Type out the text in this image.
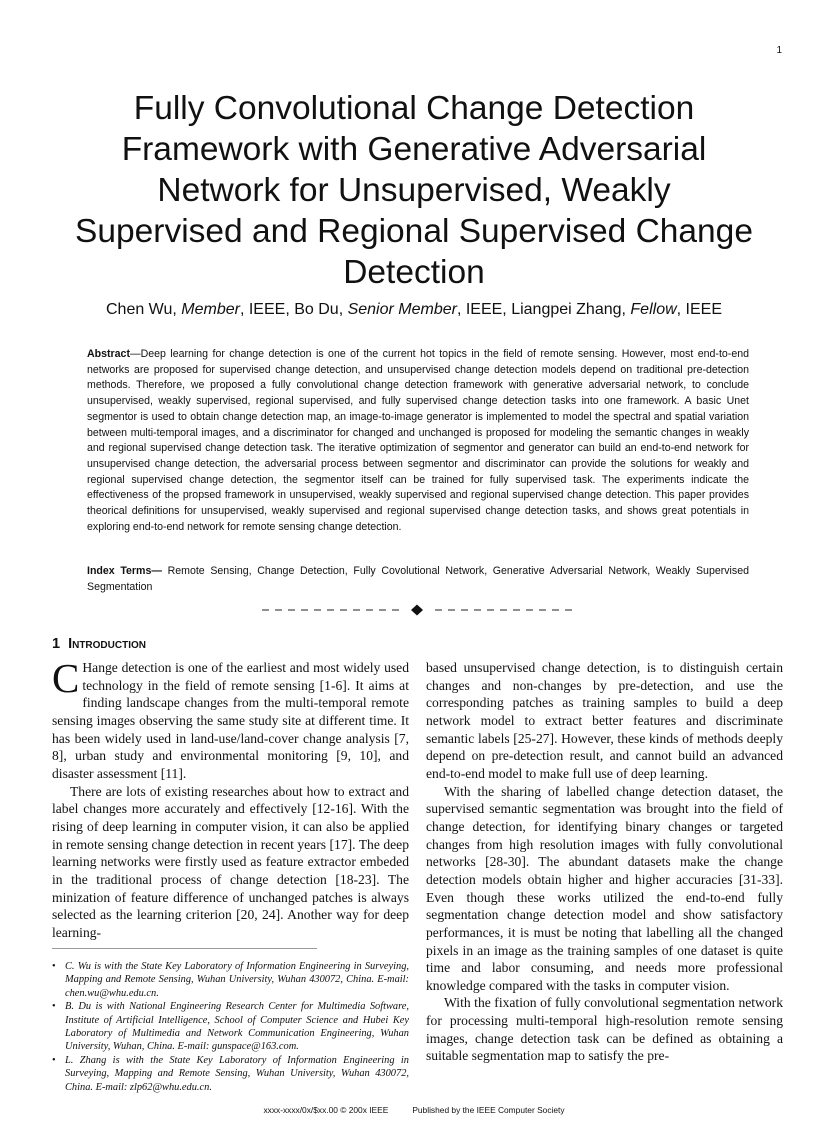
1
Fully Convolutional Change Detection
Framework with Generative Adversarial
Network for Unsupervised, Weakly
Supervised and Regional Supervised Change
Detection
Chen Wu, Member, IEEE, Bo Du, Senior Member, IEEE, Liangpei Zhang, Fellow, IEEE
Abstract—Deep learning for change detection is one of the current hot topics in the field of remote sensing. However, most end-to-end networks are proposed for supervised change detection, and unsupervised change detection models depend on traditional pre-detection methods. Therefore, we proposed a fully convolutional change detection framework with generative adversarial network, to conclude unsupervised, weakly supervised, regional supervised, and fully supervised change detection tasks into one framework. A basic Unet segmentor is used to obtain change detection map, an image-to-image generator is implemented to model the spectral and spatial variation between multi-temporal images, and a discriminator for changed and unchanged is proposed for modeling the semantic changes in weakly and regional supervised change detection task. The iterative optimization of segmentor and generator can build an end-to-end network for unsupervised change detection, the adversarial process between segmentor and discriminator can provide the solutions for weakly and regional supervised change detection, the segmentor itself can be trained for fully supervised task. The experiments indicate the effectiveness of the propsed framework in unsupervised, weakly supervised and regional supervised change detection. This paper provides theorical definitions for unsupervised, weakly supervised and regional supervised change detection tasks, and shows great potentials in exploring end-to-end network for remote sensing change detection.
Index Terms— Remote Sensing, Change Detection, Fully Covolutional Network, Generative Adversarial Network, Weakly Supervised Segmentation
1 Introduction

C Hange detection is one of the earliest and most widely used technology in the field of remote sensing [1-6]. It aims at finding landscape changes from the multi-temporal remote sensing images observing the same study site at different time. It has been widely used in land-use/land-cover change analysis [7, 8], urban study and environmental monitoring [9, 10], and disaster assessment [11].

There are lots of existing researches about how to extract and label changes more accurately and effectively [12-16]. With the rising of deep learning in computer vision, it can also be applied in remote sensing change detection in recent years [17]. The deep learning networks were firstly used as feature extractor embeded in the traditional process of change detection [18-23]. The minization of feature difference of unchanged patches is always selected as the learning criterion [20, 24]. Another way for deep learning-

based unsupervised change detection, is to distinguish certain changes and non-changes by pre-detection, and use the corresponding patches as training samples to build a deep network model to extract better features and discriminate semantic labels [25-27]. However, these kinds of methods deeply depend on pre-detection result, and cannot build an advanced end-to-end model to make full use of deep learning.

With the sharing of labelled change detection dataset, the supervised semantic segmentation was brought into the field of change detection, for identifying binary changes or targeted changes from high resolution images with fully convolutional networks [28-30]. The abundant datasets make the change detection models obtain higher and higher accuracies [31-33]. Even though these works utilized the end-to-end fully segmentation change detection model and show satisfactory performances, it is must be noting that labelling all the changed pixels in an image as the training samples of one dataset is quite time and labor consuming, and needs more professional knowledge compared with the tasks in computer vision.

With the fixation of fully convolutional segmentation network for processing multi-temporal high-resolution remote sensing images, change detection task can be defined as obtaining a suitable segmentation map to satisfy the pre-

• C. Wu is with the State Key Laboratory of Information Engineering in Surveying, Mapping and Remote Sensing, Wuhan University, Wuhan 430072, China. E-mail: chen.wu@whu.edu.cn.
• B. Du is with National Engineering Research Center for Multimedia Software, Institute of Artificial Intelligence, School of Computer Science and Hubei Key Laboratory of Multimedia and Network Communication Engineering, Wuhan University, Wuhan, China. E-mail: gunspace@163.com.
• L. Zhang is with the State Key Laboratory of Information Engineering in Surveying, Mapping and Remote Sensing, Wuhan University, Wuhan 430072, China. E-mail: zlp62@whu.edu.cn.
xxxx-xxxx/0x/$xx.00 © 200x IEEE	Published by the IEEE Computer Society
